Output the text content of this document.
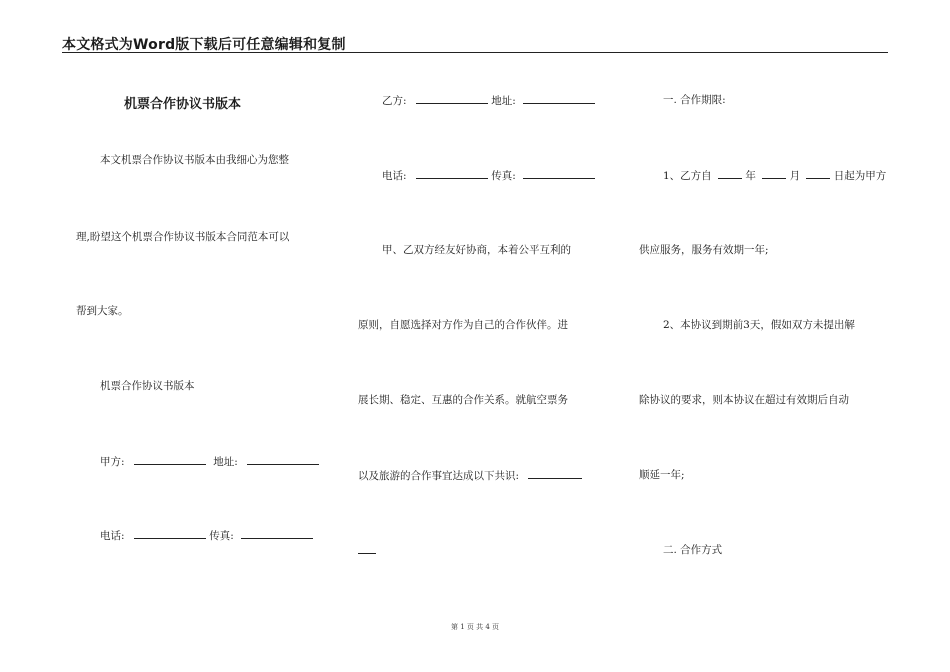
本文格式为Word版下载后可任意编辑和复制
机票合作协议书版本
本文机票合作协议书版本由我细心为您整
理,盼望这个机票合作协议书版本合同范本可以
帮到大家。
机票合作协议书版本
甲方:	地址:
电话:	传真:
乙方:	地址:
电话:	传真:
甲、乙双方经友好协商，本着公平互利的
原则，自愿选择对方作为自己的合作伙伴。进
展长期、稳定、互惠的合作关系。就航空票务
以及旅游的合作事宜达成以下共识:
一. 合作期限:
1、乙方自	年	月	日起为甲方
供应服务，服务有效期一年;
2、本协议到期前3天，假如双方未提出解
除协议的要求，则本协议在超过有效期后自动
顺延一年;
二. 合作方式
第 1 页 共 4 页
